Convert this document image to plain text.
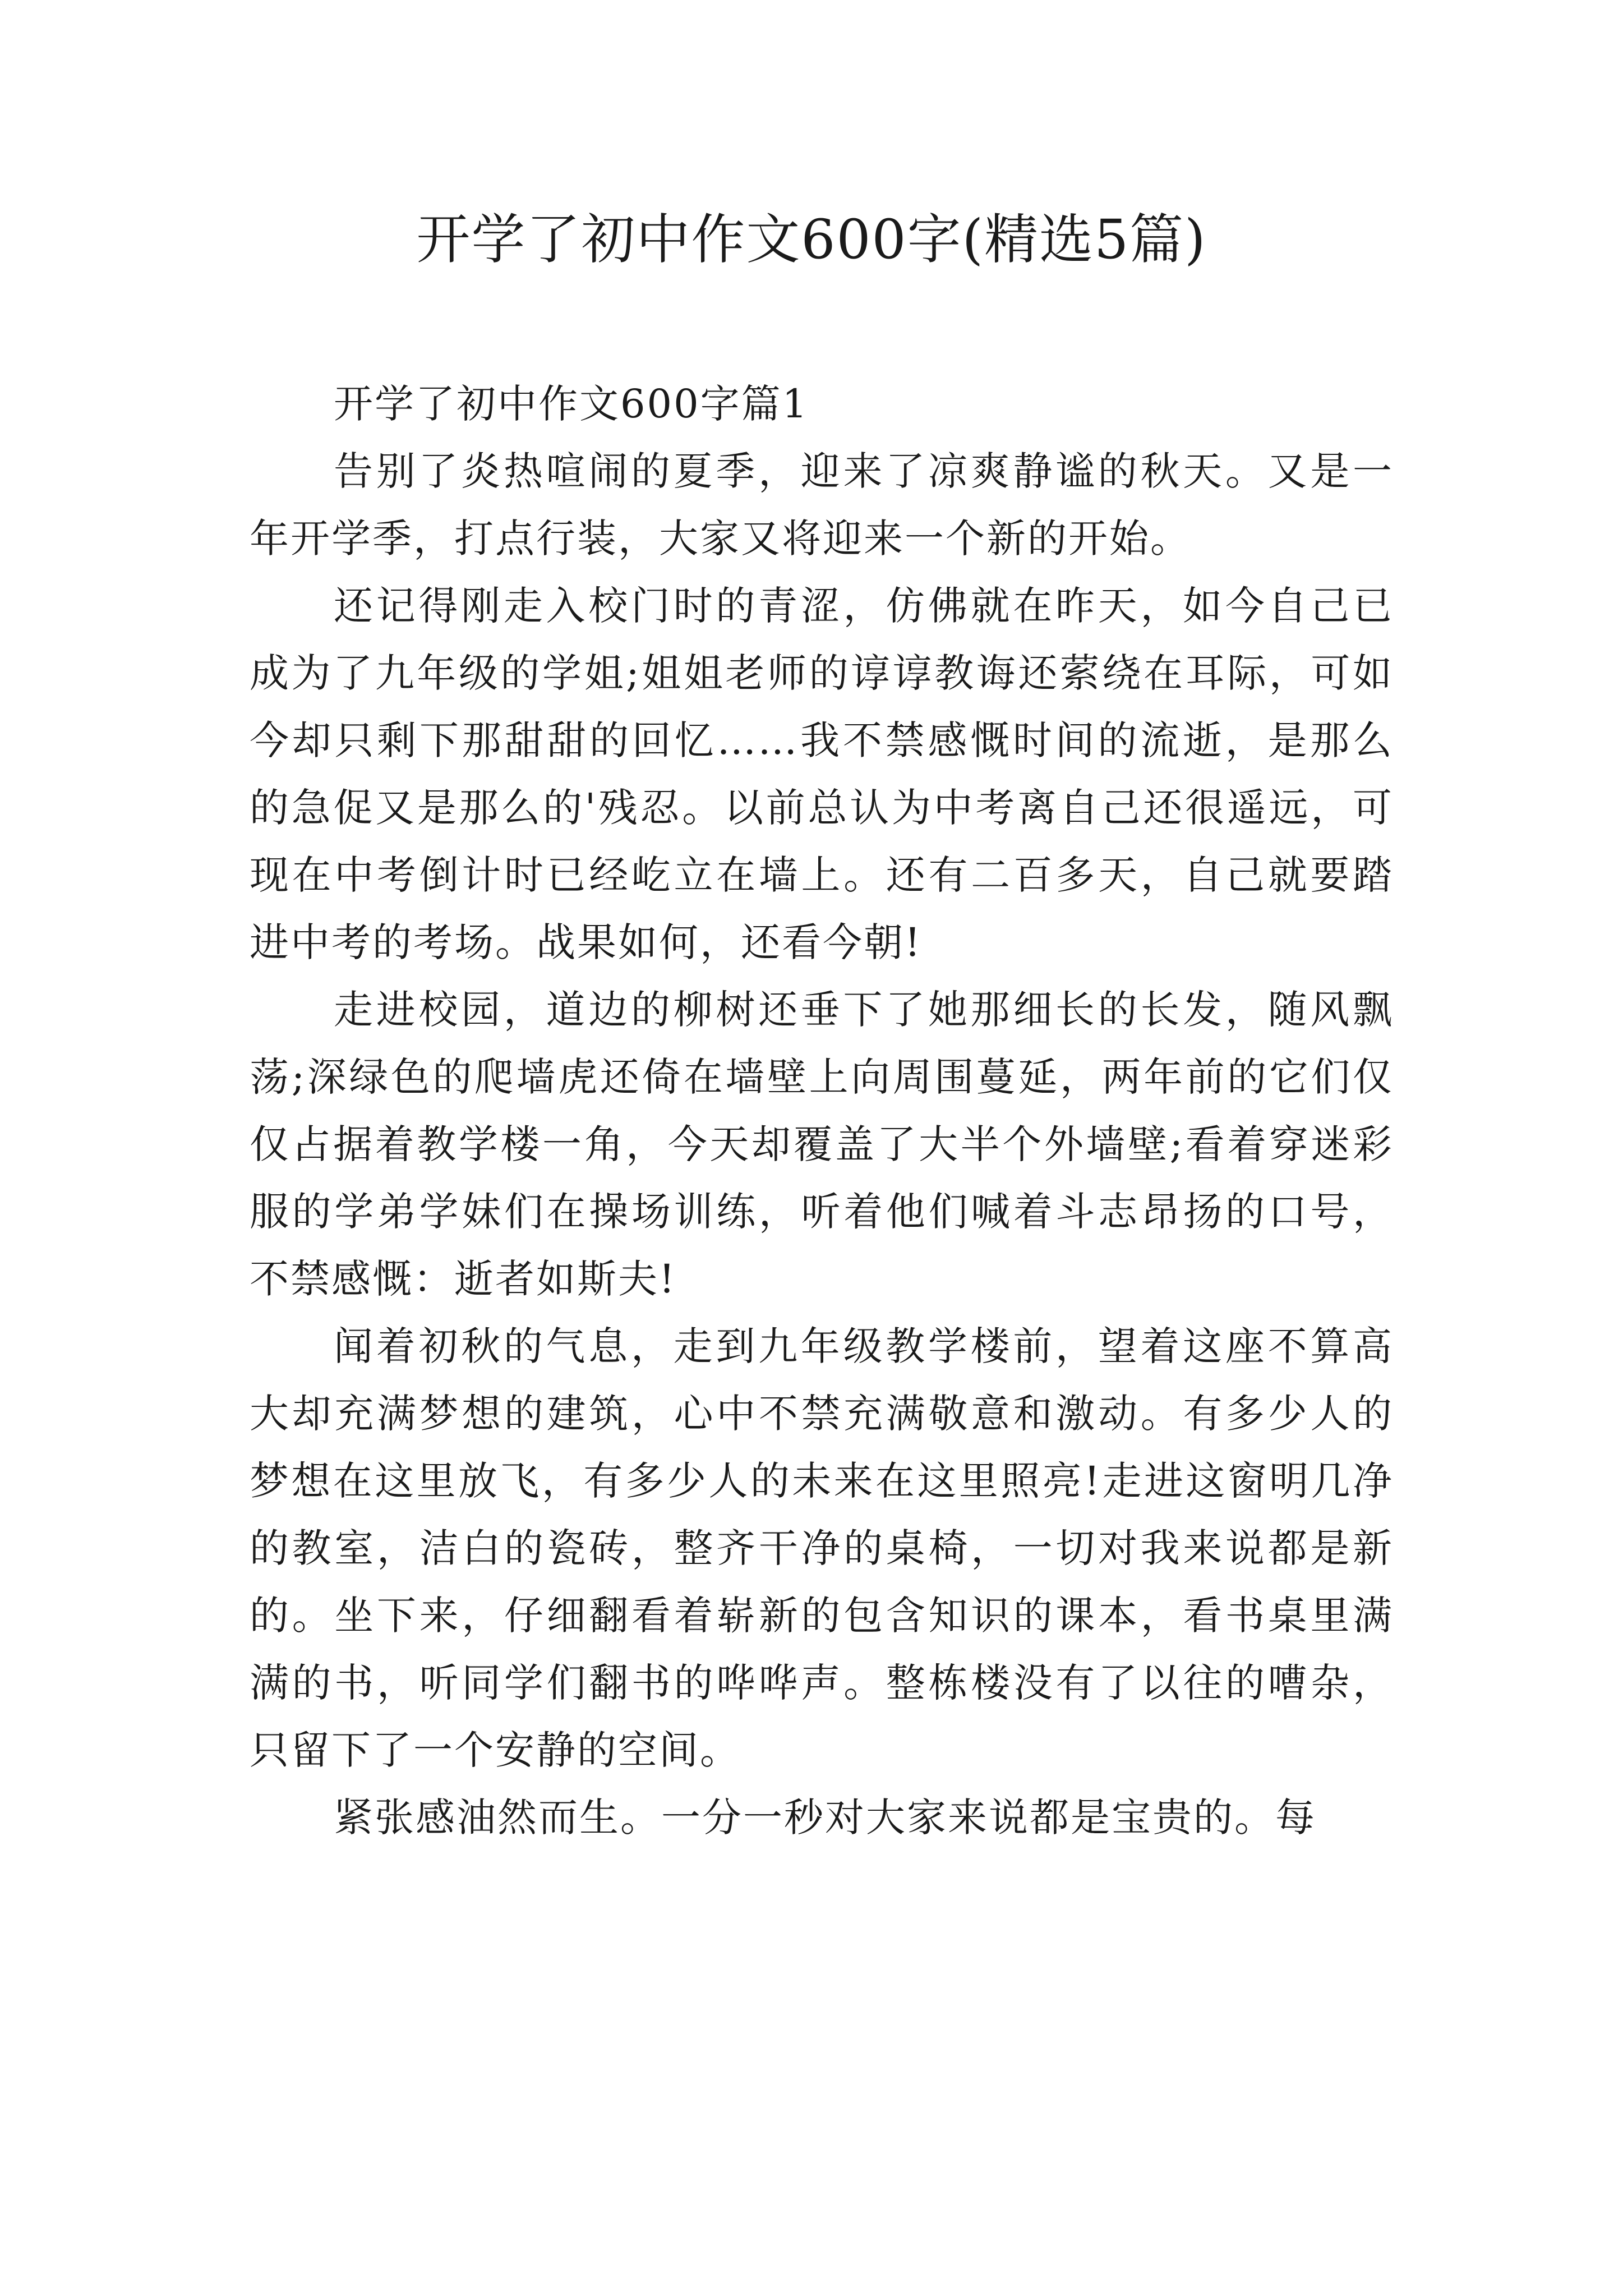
开学了初中作文600字(精选5篇)

开学了初中作文600字篇1

告别了炎热喧闹的夏季，迎来了凉爽静谧的秋天。又是一年开学季，打点行装，大家又将迎来一个新的开始。

还记得刚走入校门时的青涩，仿佛就在昨天，如今自己已成为了九年级的学姐;姐姐老师的谆谆教诲还萦绕在耳际，可如今却只剩下那甜甜的回忆……我不禁感慨时间的流逝，是那么的急促又是那么的'残忍。以前总认为中考离自己还很遥远，可现在中考倒计时已经屹立在墙上。还有二百多天，自己就要踏进中考的考场。战果如何，还看今朝!

走进校园，道边的柳树还垂下了她那细长的长发，随风飘荡;深绿色的爬墙虎还倚在墙壁上向周围蔓延，两年前的它们仅仅占据着教学楼一角，今天却覆盖了大半个外墙壁;看着穿迷彩服的学弟学妹们在操场训练，听着他们喊着斗志昂扬的口号，不禁感慨：逝者如斯夫!

闻着初秋的气息，走到九年级教学楼前，望着这座不算高大却充满梦想的建筑，心中不禁充满敬意和激动。有多少人的梦想在这里放飞，有多少人的未来在这里照亮!走进这窗明几净的教室，洁白的瓷砖，整齐干净的桌椅，一切对我来说都是新的。坐下来，仔细翻看着崭新的包含知识的课本，看书桌里满满的书，听同学们翻书的哗哗声。整栋楼没有了以往的嘈杂，只留下了一个安静的空间。

紧张感油然而生。一分一秒对大家来说都是宝贵的。每
